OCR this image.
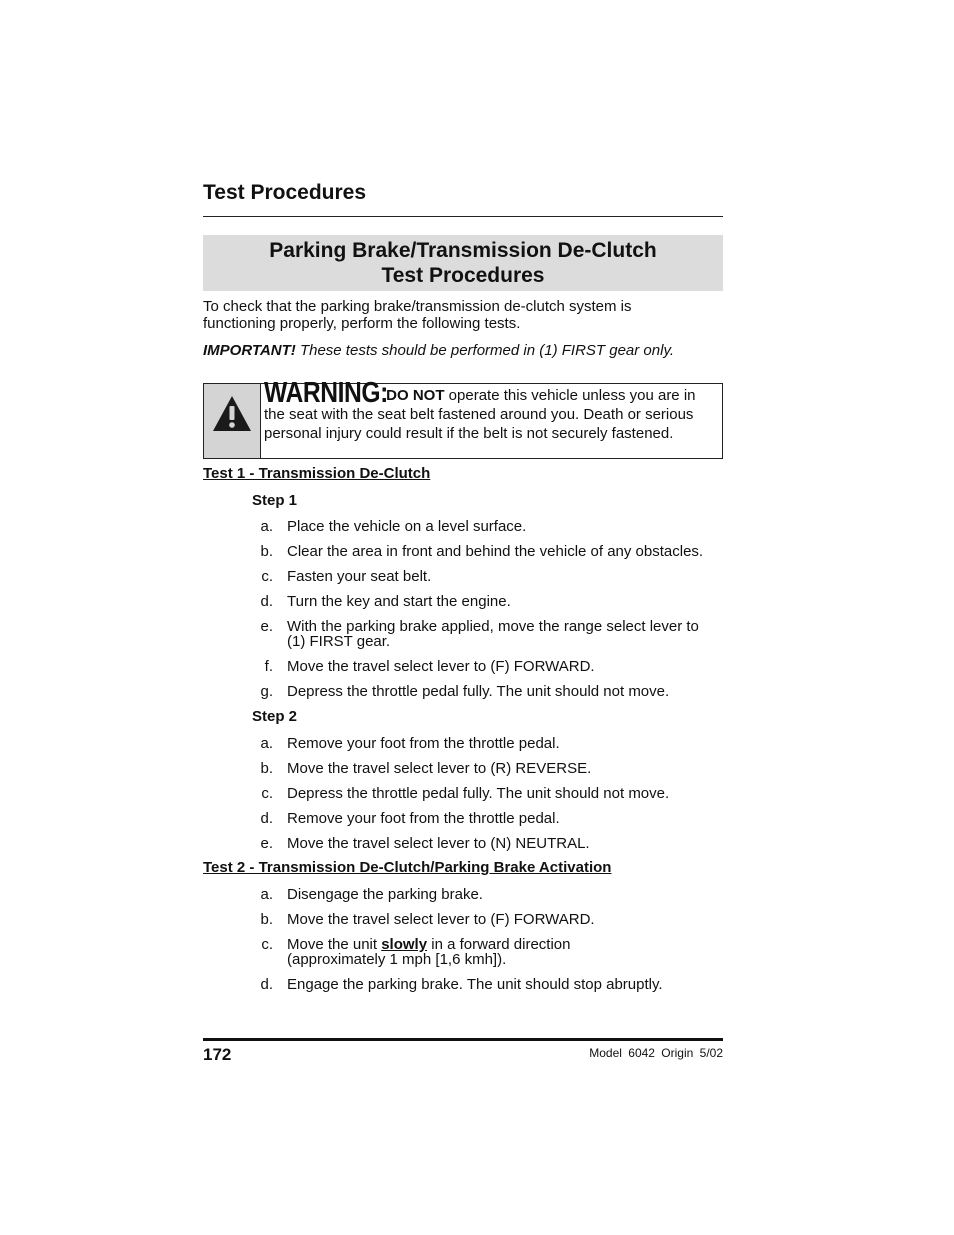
Test Procedures
Parking Brake/Transmission De-Clutch
Test Procedures
To check that the parking brake/transmission de-clutch system is
functioning properly, perform the following tests.
IMPORTANT! These tests should be performed in (1) FIRST gear only.
WARNING: DO NOT operate this vehicle unless you are in
the seat with the seat belt fastened around you. Death or serious
personal injury could result if the belt is not securely fastened.
Test 1 - Transmission De-Clutch
Step 1
a. Place the vehicle on a level surface.
b. Clear the area in front and behind the vehicle of any obstacles.
c. Fasten your seat belt.
d. Turn the key and start the engine.
e. With the parking brake applied, move the range select lever to
(1) FIRST gear.
f. Move the travel select lever to (F) FORWARD.
g. Depress the throttle pedal fully. The unit should not move.
Step 2
a. Remove your foot from the throttle pedal.
b. Move the travel select lever to (R) REVERSE.
c. Depress the throttle pedal fully. The unit should not move.
d. Remove your foot from the throttle pedal.
e. Move the travel select lever to (N) NEUTRAL.
Test 2 - Transmission De-Clutch/Parking Brake Activation
a. Disengage the parking brake.
b. Move the travel select lever to (F) FORWARD.
c. Move the unit slowly in a forward direction
(approximately 1 mph [1,6 kmh]).
d. Engage the parking brake. The unit should stop abruptly.
172	Model 6042 Origin 5/02
